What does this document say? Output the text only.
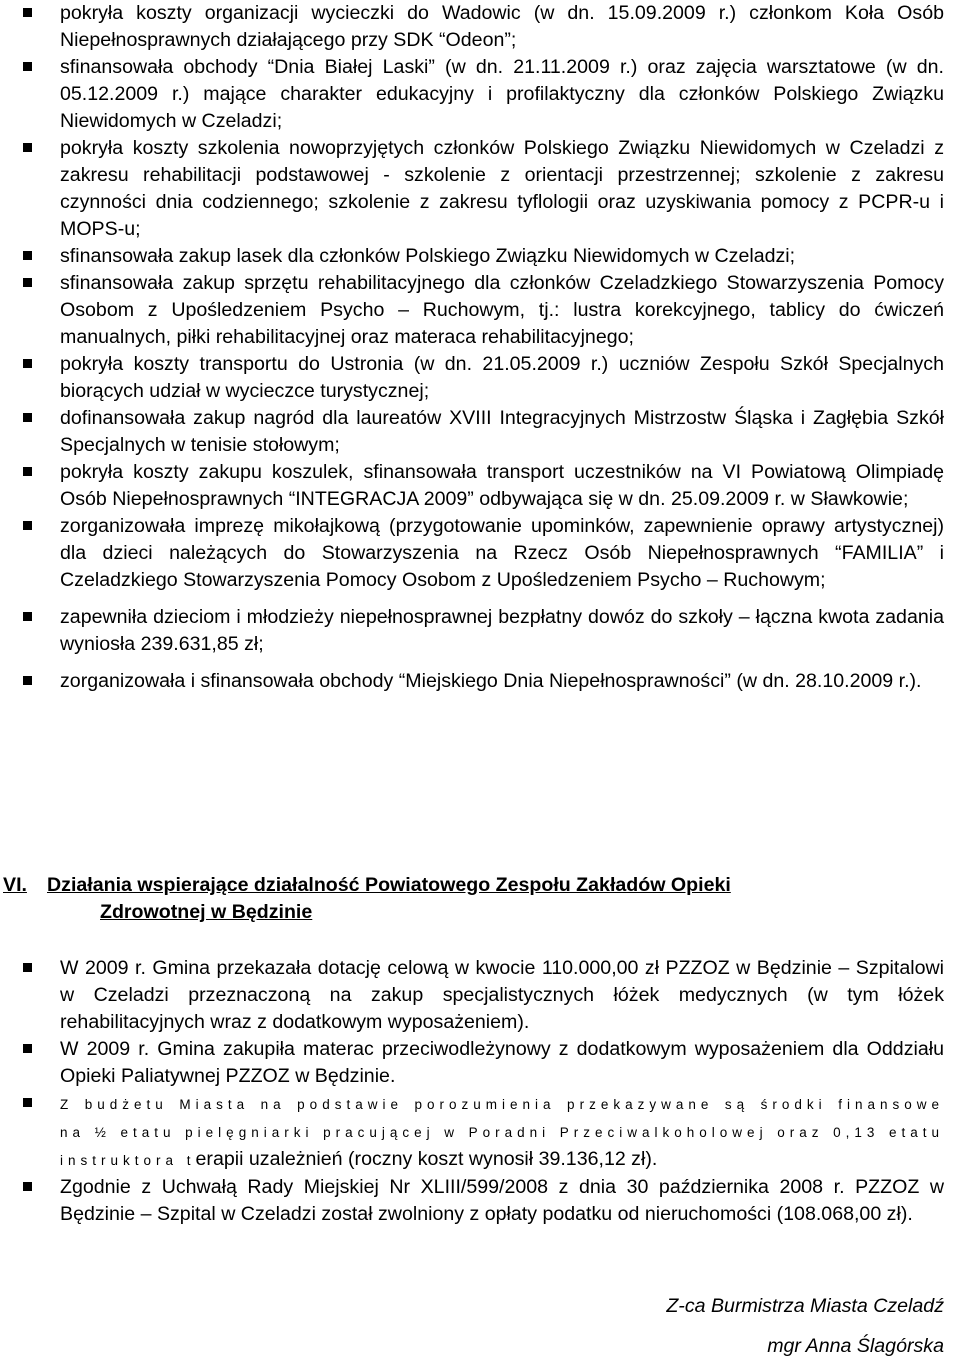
pokryła koszty organizacji wycieczki do Wadowic (w dn. 15.09.2009 r.) członkom Koła Osób Niepełnosprawnych działającego przy SDK “Odeon”;
sfinansowała obchody “Dnia Białej Laski” (w dn. 21.11.2009 r.) oraz zajęcia warsztatowe (w dn. 05.12.2009 r.) mające charakter edukacyjny i profilaktyczny dla członków Polskiego Związku Niewidomych w Czeladzi;
pokryła koszty szkolenia nowoprzyjętych członków Polskiego Związku Niewidomych w Czeladzi z zakresu rehabilitacji podstawowej - szkolenie z orientacji przestrzennej; szkolenie z zakresu czynności dnia codziennego; szkolenie z zakresu tyflologii oraz uzyskiwania pomocy z PCPR-u i MOPS-u;
sfinansowała zakup lasek dla członków Polskiego Związku Niewidomych w Czeladzi;
sfinansowała zakup sprzętu rehabilitacyjnego dla członków Czeladzkiego Stowarzyszenia Pomocy Osobom z Upośledzeniem Psycho – Ruchowym, tj.: lustra korekcyjnego, tablicy do ćwiczeń manualnych, piłki rehabilitacyjnej oraz materaca rehabilitacyjnego;
pokryła koszty transportu do Ustronia (w dn. 21.05.2009 r.) uczniów Zespołu Szkół Specjalnych biorących udział w wycieczce turystycznej;
dofinansowała zakup nagród dla laureatów XVIII Integracyjnych Mistrzostw Śląska i Zagłębia Szkół Specjalnych w tenisie stołowym;
pokryła koszty zakupu koszulek, sfinansowała transport uczestników na VI Powiatową Olimpiadę Osób Niepełnosprawnych “INTEGRACJA 2009” odbywająca się w dn. 25.09.2009 r. w Sławkowie;
zorganizowała imprezę mikołajkową (przygotowanie upominków, zapewnienie oprawy artystycznej) dla dzieci należących do Stowarzyszenia na Rzecz Osób Niepełnosprawnych “FAMILIA” i Czeladzkiego Stowarzyszenia Pomocy Osobom z Upośledzeniem Psycho – Ruchowym;
zapewniła dzieciom i młodzieży niepełnosprawnej bezpłatny dowóz do szkoły – łączna kwota zadania wyniosła 239.631,85 zł;
zorganizowała i sfinansowała obchody “Miejskiego Dnia Niepełnosprawności” (w dn. 28.10.2009 r.).
VI. Działania wspierające działalność Powiatowego Zespołu Zakładów Opieki
Zdrowotnej w Będzinie
W 2009 r. Gmina przekazała dotację celową w kwocie 110.000,00 zł PZZOZ w Będzinie – Szpitalowi w Czeladzi przeznaczoną na zakup specjalistycznych łóżek medycznych (w tym łóżek rehabilitacyjnych wraz z dodatkowym wyposażeniem).
W 2009 r. Gmina zakupiła materac przeciwodleżynowy z dodatkowym wyposażeniem dla Oddziału Opieki Paliatywnej PZZOZ w Będzinie.
Z budżetu Miasta na podstawie porozumienia przekazywane są środki finansowe na ½ etatu pielęgniarki pracującej w Poradni Przeciwalkoholowej oraz 0,13 etatu instruktora terapii uzależnień (roczny koszt wynosił 39.136,12 zł).
Zgodnie z Uchwałą Rady Miejskiej Nr XLIII/599/2008 z dnia 30 października 2008 r. PZZOZ w Będzinie – Szpital w Czeladzi został zwolniony z opłaty podatku od nieruchomości (108.068,00 zł).
Z-ca Burmistrza Miasta Czeladź
mgr Anna Ślagórska
